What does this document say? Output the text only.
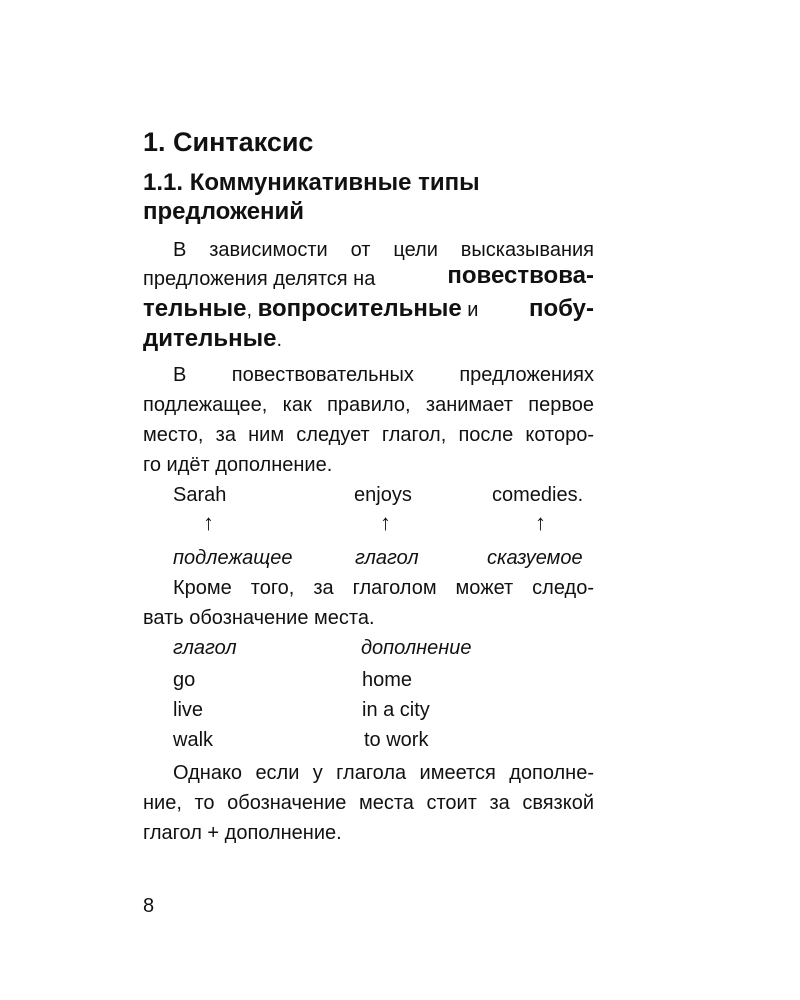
1. Синтаксис
1.1. Коммуникативные типы предложений
В зависимости от цели высказывания
предложения делятся на	повествова-
тельные, вопросительные и побу-
дительные.
В повествовательных предложениях
подлежащее, как правило, занимает первое
место, за ним следует глагол, после которо-
го идёт дополнение.
Sarah	enjoys	comedies.
↑	↑	↑
подлежащее	глагол	сказуемое
Кроме того, за глаголом может следо-
вать обозначение места.
глагол	дополнение
go	home
live	in a city
walk	to work
Однако если у глагола имеется дополне-
ние, то обозначение места стоит за связкой
глагол + дополнение.
8
